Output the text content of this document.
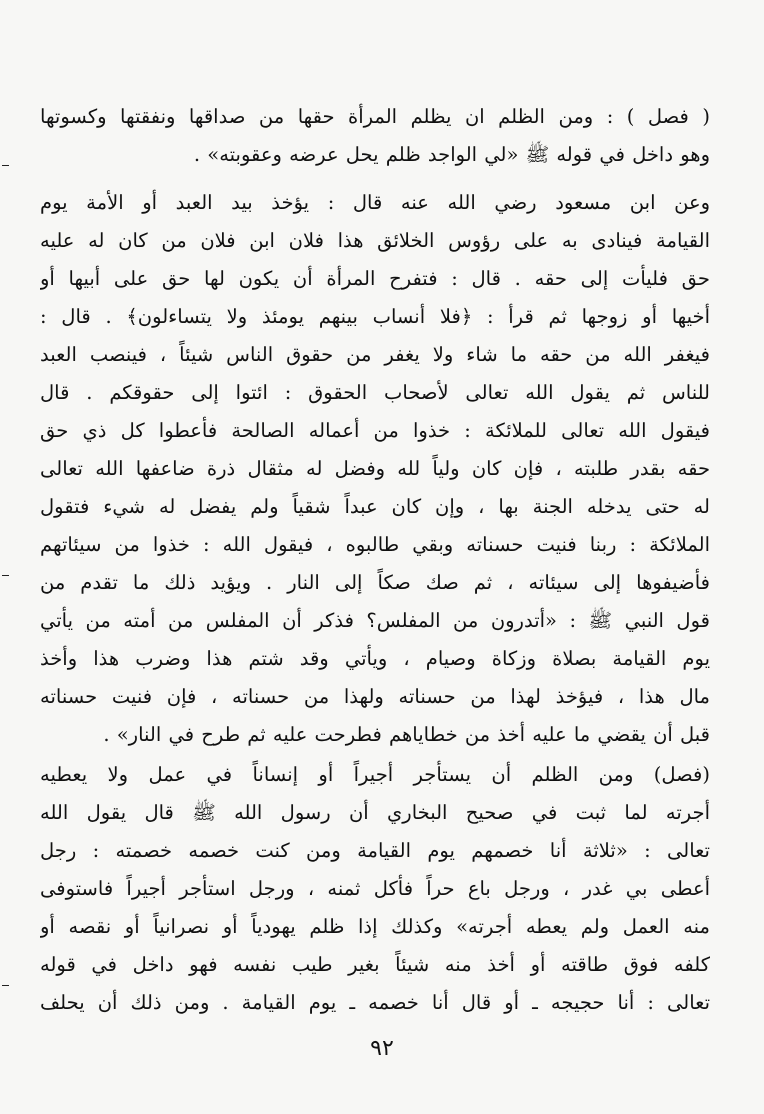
( فصل ) : ومن الظلم ان يظلم المرأة حقها من صداقها ونفقتها وكسوتها
وهو داخل في قوله ﷺ «لي الواجد ظلم يحل عرضه وعقوبته» .
وعن ابن مسعود رضي الله عنه قال : يؤخذ بيد العبد أو الأمة يوم
القيامة فينادى به على رؤوس الخلائق هذا فلان ابن فلان من كان له عليه
حق فليأت إلى حقه . قال : فتفرح المرأة أن يكون لها حق على أبيها أو
أخيها أو زوجها ثم قرأ : ﴿فلا أنساب بينهم يومئذ ولا يتساءلون﴾ . قال :
فيغفر الله من حقه ما شاء ولا يغفر من حقوق الناس شيئاً ، فينصب العبد
للناس ثم يقول الله تعالى لأصحاب الحقوق : ائتوا إلى حقوقكم . قال
فيقول الله تعالى للملائكة : خذوا من أعماله الصالحة فأعطوا كل ذي حق
حقه بقدر طلبته ، فإن كان ولياً لله وفضل له مثقال ذرة ضاعفها الله تعالى
له حتى يدخله الجنة بها ، وإن كان عبداً شقياً ولم يفضل له شيء فتقول
الملائكة : ربنا فنيت حسناته وبقي طالبوه ، فيقول الله : خذوا من سيئاتهم
فأضيفوها إلى سيئاته ، ثم صك صكاً إلى النار . ويؤيد ذلك ما تقدم من
قول النبي ﷺ : «أتدرون من المفلس؟ فذكر أن المفلس من أمته من يأتي
يوم القيامة بصلاة وزكاة وصيام ، ويأتي وقد شتم هذا وضرب هذا وأخذ
مال هذا ، فيؤخذ لهذا من حسناته ولهذا من حسناته ، فإن فنيت حسناته
قبل أن يقضي ما عليه أخذ من خطاياهم فطرحت عليه ثم طرح في النار» .
(فصل) ومن الظلم أن يستأجر أجيراً أو إنساناً في عمل ولا يعطيه
أجرته لما ثبت في صحيح البخاري أن رسول الله ﷺ قال يقول الله
تعالى : «ثلاثة أنا خصمهم يوم القيامة ومن كنت خصمه خصمته : رجل
أعطى بي غدر ، ورجل باع حراً فأكل ثمنه ، ورجل استأجر أجيراً فاستوفى
منه العمل ولم يعطه أجرته» وكذلك إذا ظلم يهودياً أو نصرانياً أو نقصه أو
كلفه فوق طاقته أو أخذ منه شيئاً بغير طيب نفسه فهو داخل في قوله
تعالى : أنا حجيجه ـ أو قال أنا خصمه ـ يوم القيامة . ومن ذلك أن يحلف
٩٢
